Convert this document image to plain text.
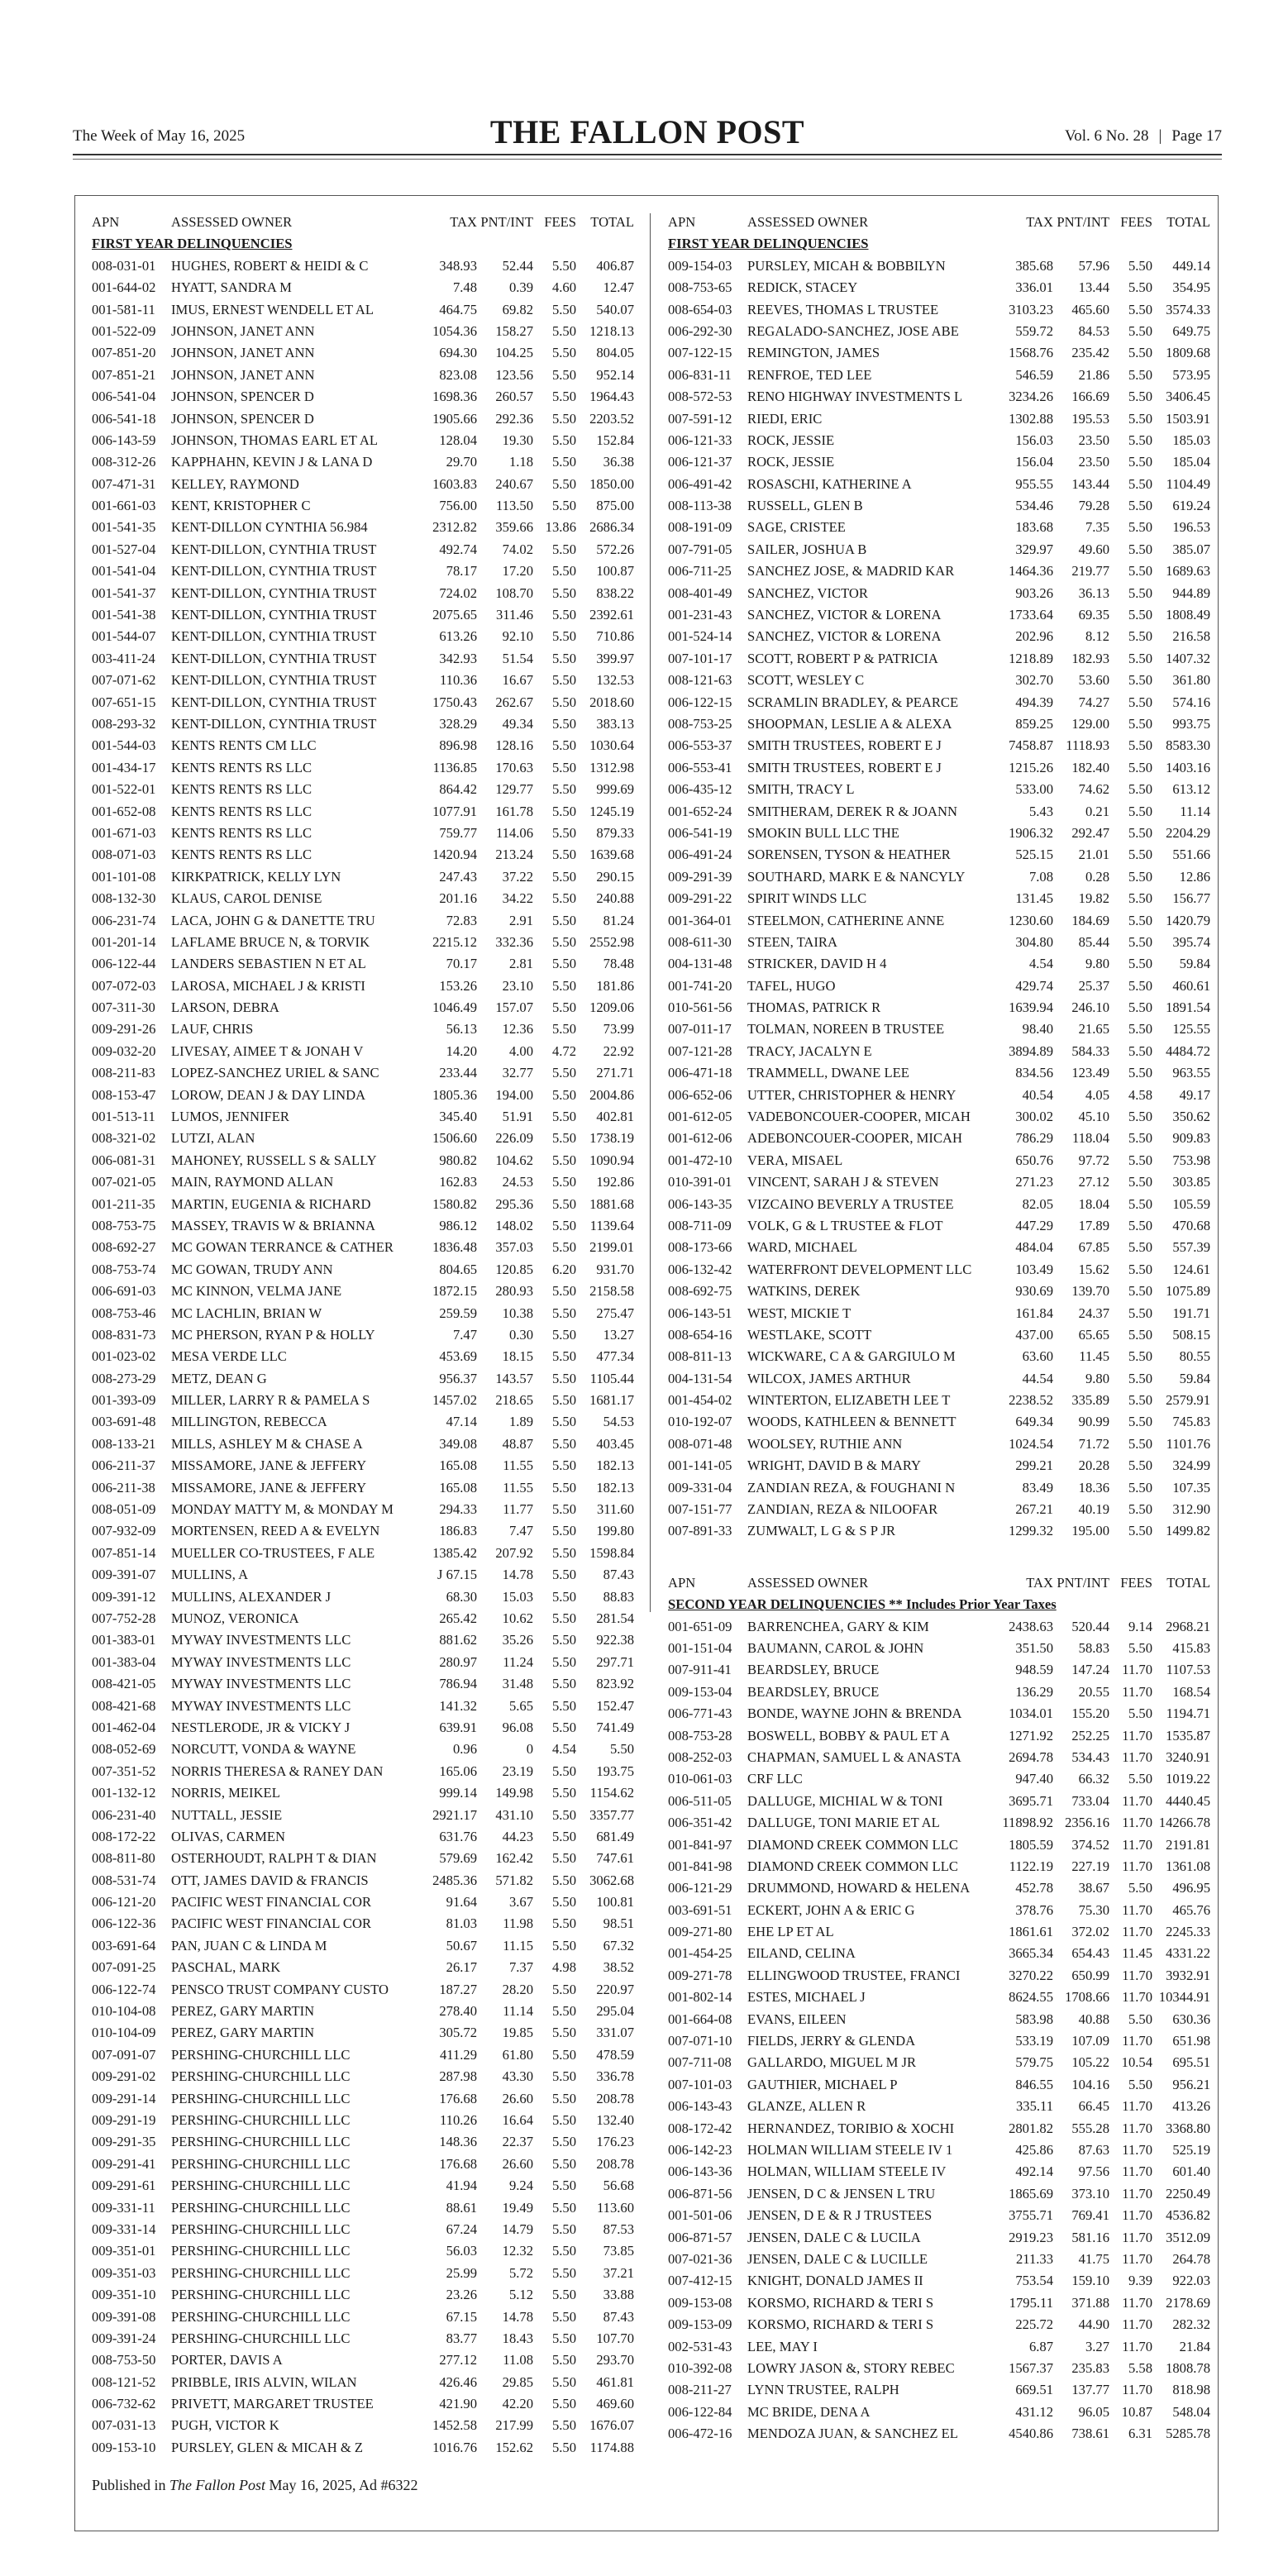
The Week of May 16, 2025	THE FALLON POST	Vol. 6 No. 28 | Page 17
APN	ASSESSED OWNER	TAX PNT/INT FEES	TOTAL
FIRST YEAR DELINQUENCIES
008-031-01	HUGHES, ROBERT & HEIDI & C	348.93	52.44	5.50	406.87
001-644-02	HYATT, SANDRA M	7.48	0.39	4.60	12.47
001-581-11	IMUS, ERNEST WENDELL ET AL	464.75	69.82	5.50	540.07
001-522-09	JOHNSON, JANET ANN	1054.36	158.27	5.50 1218.13
007-851-20	JOHNSON, JANET ANN	694.30	104.25	5.50	804.05
007-851-21	JOHNSON, JANET ANN	823.08	123.56	5.50	952.14
006-541-04	JOHNSON, SPENCER D	1698.36	260.57	5.50 1964.43
006-541-18	JOHNSON, SPENCER D	1905.66	292.36	5.50 2203.52
006-143-59	JOHNSON, THOMAS EARL ET AL	128.04	19.30	5.50	152.84
008-312-26	KAPPHAHN, KEVIN J & LANA D	29.70	1.18	5.50	36.38
007-471-31	KELLEY, RAYMOND	1603.83	240.67	5.50 1850.00
001-661-03	KENT, KRISTOPHER C	756.00	113.50	5.50	875.00
001-541-35	KENT-DILLON CYNTHIA 56.984	2312.82	359.66 13.86 2686.34
001-527-04	KENT-DILLON, CYNTHIA TRUST	492.74	74.02	5.50	572.26
001-541-04	KENT-DILLON, CYNTHIA TRUST	78.17	17.20	5.50	100.87
001-541-37	KENT-DILLON, CYNTHIA TRUST	724.02	108.70	5.50	838.22
001-541-38	KENT-DILLON, CYNTHIA TRUST	2075.65	311.46	5.50 2392.61
001-544-07	KENT-DILLON, CYNTHIA TRUST	613.26	92.10	5.50	710.86
003-411-24	KENT-DILLON, CYNTHIA TRUST	342.93	51.54	5.50	399.97
007-071-62	KENT-DILLON, CYNTHIA TRUST	110.36	16.67	5.50	132.53
007-651-15	KENT-DILLON, CYNTHIA TRUST	1750.43	262.67	5.50 2018.60
008-293-32	KENT-DILLON, CYNTHIA TRUST	328.29	49.34	5.50	383.13
001-544-03	KENTS RENTS CM LLC	896.98	128.16	5.50 1030.64
001-434-17	KENTS RENTS RS LLC	1136.85	170.63	5.50 1312.98
001-522-01	KENTS RENTS RS LLC	864.42	129.77	5.50	999.69
001-652-08	KENTS RENTS RS LLC	1077.91	161.78	5.50 1245.19
001-671-03	KENTS RENTS RS LLC	759.77	114.06	5.50	879.33
008-071-03	KENTS RENTS RS LLC	1420.94	213.24	5.50 1639.68
001-101-08	KIRKPATRICK, KELLY LYN	247.43	37.22	5.50	290.15
008-132-30	KLAUS, CAROL DENISE	201.16	34.22	5.50	240.88
006-231-74	LACA, JOHN G & DANETTE TRU	72.83	2.91	5.50	81.24
001-201-14	LAFLAME BRUCE N, & TORVIK	2215.12	332.36	5.50 2552.98
006-122-44	LANDERS SEBASTIEN N ET AL	70.17	2.81	5.50	78.48
007-072-03	LAROSA, MICHAEL J & KRISTI	153.26	23.10	5.50	181.86
007-311-30	LARSON, DEBRA	1046.49	157.07	5.50 1209.06
009-291-26	LAUF, CHRIS	56.13	12.36	5.50	73.99
009-032-20	LIVESAY, AIMEE T & JONAH V	14.20	4.00	4.72	22.92
008-211-83	LOPEZ-SANCHEZ URIEL & SANC	233.44	32.77	5.50	271.71
008-153-47	LOROW, DEAN J & DAY LINDA	1805.36	194.00	5.50 2004.86
001-513-11	LUMOS, JENNIFER	345.40	51.91	5.50	402.81
008-321-02	LUTZI, ALAN	1506.60	226.09	5.50 1738.19
006-081-31	MAHONEY, RUSSELL S & SALLY	980.82	104.62	5.50 1090.94
007-021-05	MAIN, RAYMOND ALLAN	162.83	24.53	5.50	192.86
001-211-35	MARTIN, EUGENIA & RICHARD	1580.82	295.36	5.50 1881.68
008-753-75	MASSEY, TRAVIS W & BRIANNA	986.12	148.02	5.50	1139.64
008-692-27	MC GOWAN TERRANCE & CATHER	1836.48	357.03	5.50 2199.01
008-753-74	MC GOWAN, TRUDY ANN	804.65	120.85	6.20	931.70
006-691-03	MC KINNON, VELMA JANE	1872.15	280.93	5.50 2158.58
008-753-46	MC LACHLIN, BRIAN W	259.59	10.38	5.50	275.47
008-831-73	MC PHERSON, RYAN P & HOLLY	7.47	0.30	5.50	13.27
001-023-02	MESA VERDE LLC	453.69	18.15	5.50	477.34
008-273-29	METZ, DEAN G	956.37	143.57	5.50	1105.44
001-393-09	MILLER, LARRY R & PAMELA S	1457.02	218.65	5.50 1681.17
003-691-48	MILLINGTON, REBECCA	47.14	1.89	5.50	54.53
008-133-21	MILLS, ASHLEY M & CHASE A	349.08	48.87	5.50	403.45
006-211-37	MISSAMORE, JANE & JEFFERY	165.08	11.55	5.50	182.13
006-211-38	MISSAMORE, JANE & JEFFERY	165.08	11.55	5.50	182.13
008-051-09	MONDAY MATTY M, & MONDAY M	294.33	11.77	5.50	311.60
007-932-09	MORTENSEN, REED A & EVELYN	186.83	7.47	5.50	199.80
007-851-14	MUELLER CO-TRUSTEES, F ALE	1385.42	207.92	5.50 1598.84
009-391-07	MULLINS, A	J 67.15	14.78	5.50	87.43
009-391-12	MULLINS, ALEXANDER J	68.30	15.03	5.50	88.83
007-752-28	MUNOZ, VERONICA	265.42	10.62	5.50	281.54
001-383-01	MYWAY INVESTMENTS LLC	881.62	35.26	5.50	922.38
001-383-04	MYWAY INVESTMENTS LLC	280.97	11.24	5.50	297.71
008-421-05	MYWAY INVESTMENTS LLC	786.94	31.48	5.50	823.92
008-421-68	MYWAY INVESTMENTS LLC	141.32	5.65	5.50	152.47
001-462-04	NESTLERODE, JR & VICKY J	639.91	96.08	5.50	741.49
008-052-69	NORCUTT, VONDA & WAYNE	0.96	0	4.54	5.50
007-351-52	NORRIS THERESA & RANEY DAN	165.06	23.19	5.50	193.75
001-132-12	NORRIS, MEIKEL	999.14	149.98	5.50	1154.62
006-231-40	NUTTALL, JESSIE	2921.17	431.10	5.50 3357.77
008-172-22	OLIVAS, CARMEN	631.76	44.23	5.50	681.49
008-811-80	OSTERHOUDT, RALPH T & DIAN	579.69	162.42	5.50	747.61
008-531-74	OTT, JAMES DAVID & FRANCIS	2485.36	571.82	5.50 3062.68
006-121-20	PACIFIC WEST FINANCIAL COR	91.64	3.67	5.50	100.81
006-122-36	PACIFIC WEST FINANCIAL COR	81.03	11.98	5.50	98.51
003-691-64	PAN, JUAN C & LINDA M	50.67	11.15	5.50	67.32
007-091-25	PASCHAL, MARK	26.17	7.37	4.98	38.52
006-122-74	PENSCO TRUST COMPANY CUSTO	187.27	28.20	5.50	220.97
010-104-08	PEREZ, GARY MARTIN	278.40	11.14	5.50	295.04
010-104-09	PEREZ, GARY MARTIN	305.72	19.85	5.50	331.07
007-091-07	PERSHING-CHURCHILL LLC	411.29	61.80	5.50	478.59
009-291-02	PERSHING-CHURCHILL LLC	287.98	43.30	5.50	336.78
009-291-14	PERSHING-CHURCHILL LLC	176.68	26.60	5.50	208.78
009-291-19	PERSHING-CHURCHILL LLC	110.26	16.64	5.50	132.40
009-291-35	PERSHING-CHURCHILL LLC	148.36	22.37	5.50	176.23
009-291-41	PERSHING-CHURCHILL LLC	176.68	26.60	5.50	208.78
009-291-61	PERSHING-CHURCHILL LLC	41.94	9.24	5.50	56.68
009-331-11	PERSHING-CHURCHILL LLC	88.61	19.49	5.50	113.60
009-331-14	PERSHING-CHURCHILL LLC	67.24	14.79	5.50	87.53
009-351-01	PERSHING-CHURCHILL LLC	56.03	12.32	5.50	73.85
009-351-03	PERSHING-CHURCHILL LLC	25.99	5.72	5.50	37.21
009-351-10	PERSHING-CHURCHILL LLC	23.26	5.12	5.50	33.88
009-391-08	PERSHING-CHURCHILL LLC	67.15	14.78	5.50	87.43
009-391-24	PERSHING-CHURCHILL LLC	83.77	18.43	5.50	107.70
008-753-50	PORTER, DAVIS A	277.12	11.08	5.50	293.70
008-121-52	PRIBBLE, IRIS ALVIN, WILAN	426.46	29.85	5.50	461.81
006-732-62	PRIVETT, MARGARET TRUSTEE	421.90	42.20	5.50	469.60
007-031-13	PUGH, VICTOR K	1452.58	217.99	5.50 1676.07
009-153-10	PURSLEY, GLEN & MICAH & Z	1016.76	152.62	5.50	1174.88
APN	ASSESSED OWNER	TAX PNT/INT FEES	TOTAL
FIRST YEAR DELINQUENCIES
009-154-03	PURSLEY, MICAH & BOBBILYN	385.68	57.96	5.50	449.14
008-753-65	REDICK, STACEY	336.01	13.44	5.50	354.95
008-654-03	REEVES, THOMAS L TRUSTEE	3103.23	465.60	5.50 3574.33
006-292-30	REGALADO-SANCHEZ, JOSE ABE	559.72	84.53	5.50	649.75
007-122-15	REMINGTON, JAMES	1568.76	235.42	5.50 1809.68
006-831-11	RENFROE, TED LEE	546.59	21.86	5.50	573.95
008-572-53	RENO HIGHWAY INVESTMENTS L	3234.26	166.69	5.50 3406.45
007-591-12	RIEDI, ERIC	1302.88	195.53	5.50 1503.91
006-121-33	ROCK, JESSIE	156.03	23.50	5.50	185.03
006-121-37	ROCK, JESSIE	156.04	23.50	5.50	185.04
006-491-42	ROSASCHI, KATHERINE A	955.55	143.44	5.50	1104.49
008-113-38	RUSSELL, GLEN B	534.46	79.28	5.50	619.24
008-191-09	SAGE, CRISTEE	183.68	7.35	5.50	196.53
007-791-05	SAILER, JOSHUA B	329.97	49.60	5.50	385.07
006-711-25	SANCHEZ JOSE, & MADRID KAR	1464.36	219.77	5.50 1689.63
008-401-49	SANCHEZ, VICTOR	903.26	36.13	5.50	944.89
001-231-43	SANCHEZ, VICTOR & LORENA	1733.64	69.35	5.50 1808.49
001-524-14	SANCHEZ, VICTOR & LORENA	202.96	8.12	5.50	216.58
007-101-17	SCOTT, ROBERT P & PATRICIA	1218.89	182.93	5.50 1407.32
008-121-63	SCOTT, WESLEY C	302.70	53.60	5.50	361.80
006-122-15	SCRAMLIN BRADLEY, & PEARCE	494.39	74.27	5.50	574.16
008-753-25	SHOOPMAN, LESLIE A & ALEXA	859.25	129.00	5.50	993.75
006-553-37	SMITH TRUSTEES, ROBERT E J	7458.87 1118.93	5.50 8583.30
006-553-41	SMITH TRUSTEES, ROBERT E J	1215.26	182.40	5.50 1403.16
006-435-12	SMITH, TRACY L	533.00	74.62	5.50	613.12
001-652-24	SMITHERAM, DEREK R & JOANN	5.43	0.21	5.50	11.14
006-541-19	SMOKIN BULL LLC THE	1906.32	292.47	5.50 2204.29
006-491-24	SORENSEN, TYSON & HEATHER	525.15	21.01	5.50	551.66
009-291-39	SOUTHARD, MARK E & NANCYLY	7.08	0.28	5.50	12.86
009-291-22	SPIRIT WINDS LLC	131.45	19.82	5.50	156.77
001-364-01	STEELMON, CATHERINE ANNE	1230.60	184.69	5.50 1420.79
008-611-30	STEEN, TAIRA	304.80	85.44	5.50	395.74
004-131-48	STRICKER, DAVID H 4	4.54	9.80	5.50	59.84
001-741-20	TAFEL, HUGO	429.74	25.37	5.50	460.61
010-561-56	THOMAS, PATRICK R	1639.94	246.10	5.50 1891.54
007-011-17	TOLMAN, NOREEN B TRUSTEE	98.40	21.65	5.50	125.55
007-121-28	TRACY, JACALYN E	3894.89	584.33	5.50 4484.72
006-471-18	TRAMMELL, DWANE LEE	834.56	123.49	5.50	963.55
006-652-06	UTTER, CHRISTOPHER & HENRY	40.54	4.05	4.58	49.17
001-612-05	VADEBONCOUER-COOPER, MICAH	300.02	45.10	5.50	350.62
001-612-06	ADEBONCOUER-COOPER, MICAH	786.29	118.04	5.50	909.83
001-472-10	VERA, MISAEL	650.76	97.72	5.50	753.98
010-391-01	VINCENT, SARAH J & STEVEN	271.23	27.12	5.50	303.85
006-143-35	VIZCAINO BEVERLY A TRUSTEE	82.05	18.04	5.50	105.59
008-711-09	VOLK, G & L TRUSTEE & FLOT	447.29	17.89	5.50	470.68
008-173-66	WARD, MICHAEL	484.04	67.85	5.50	557.39
006-132-42	WATERFRONT DEVELOPMENT LLC	103.49	15.62	5.50	124.61
008-692-75	WATKINS, DEREK	930.69	139.70	5.50 1075.89
006-143-51	WEST, MICKIE T	161.84	24.37	5.50	191.71
008-654-16	WESTLAKE, SCOTT	437.00	65.65	5.50	508.15
008-811-13	WICKWARE, C A & GARGIULO M	63.60	11.45	5.50	80.55
004-131-54	WILCOX, JAMES ARTHUR	44.54	9.80	5.50	59.84
001-454-02	WINTERTON, ELIZABETH LEE T	2238.52	335.89	5.50 2579.91
010-192-07	WOODS, KATHLEEN & BENNETT	649.34	90.99	5.50	745.83
008-071-48	WOOLSEY, RUTHIE ANN	1024.54	71.72	5.50	1101.76
001-141-05	WRIGHT, DAVID B & MARY	299.21	20.28	5.50	324.99
009-331-04	ZANDIAN REZA, & FOUGHANI N	83.49	18.36	5.50	107.35
007-151-77	ZANDIAN, REZA & NILOOFAR	267.21	40.19	5.50	312.90
007-891-33	ZUMWALT, L G & S P JR	1299.32	195.00	5.50 1499.82
APN	ASSESSED OWNER	TAX PNT/INT FEES	TOTAL
SECOND YEAR DELINQUENCIES ** Includes Prior Year Taxes
001-651-09	BARRENCHEA, GARY & KIM	2438.63	520.44	9.14 2968.21
001-151-04	BAUMANN, CAROL & JOHN	351.50	58.83	5.50	415.83
007-911-41	BEARDSLEY, BRUCE	948.59	147.24 11.70	1107.53
009-153-04	BEARDSLEY, BRUCE	136.29	20.55 11.70	168.54
006-771-43	BONDE, WAYNE JOHN & BRENDA	1034.01	155.20	5.50	1194.71
008-753-28	BOSWELL, BOBBY & PAUL ET A	1271.92	252.25 11.70 1535.87
008-252-03	CHAPMAN, SAMUEL L & ANASTA	2694.78	534.43 11.70 3240.91
010-061-03	CRF LLC	947.40	66.32	5.50 1019.22
006-511-05	DALLUGE, MICHIAL W & TONI	3695.71	733.04 11.70 4440.45
006-351-42	DALLUGE, TONI MARIE ET AL	11898.92 2356.16 11.70 14266.78
001-841-97	DIAMOND CREEK COMMON LLC	1805.59	374.52 11.70 2191.81
001-841-98	DIAMOND CREEK COMMON LLC	1122.19	227.19 11.70 1361.08
006-121-29	DRUMMOND, HOWARD & HELENA	452.78	38.67	5.50	496.95
003-691-51	ECKERT, JOHN A & ERIC G	378.76	75.30 11.70	465.76
009-271-80	EHE LP ET AL	1861.61	372.02 11.70 2245.33
001-454-25	EILAND, CELINA	3665.34	654.43 11.45 4331.22
009-271-78	ELLINGWOOD TRUSTEE, FRANCI	3270.22	650.99 11.70 3932.91
001-802-14	ESTES, MICHAEL J	8624.55 1708.66 11.70 10344.91
001-664-08	EVANS, EILEEN	583.98	40.88	5.50	630.36
007-071-10	FIELDS, JERRY & GLENDA	533.19	107.09 11.70	651.98
007-711-08	GALLARDO, MIGUEL M JR	579.75	105.22 10.54	695.51
007-101-03	GAUTHIER, MICHAEL P	846.55	104.16	5.50	956.21
006-143-43	GLANZE, ALLEN R	335.11	66.45 11.70	413.26
008-172-42	HERNANDEZ, TORIBIO & XOCHI	2801.82	555.28 11.70 3368.80
006-142-23	HOLMAN WILLIAM STEELE IV 1	425.86	87.63 11.70	525.19
006-143-36	HOLMAN, WILLIAM STEELE IV	492.14	97.56 11.70	601.40
006-871-56	JENSEN, D C & JENSEN L TRU	1865.69	373.10 11.70 2250.49
001-501-06	JENSEN, D E & R J TRUSTEES	3755.71	769.41 11.70 4536.82
006-871-57	JENSEN, DALE C & LUCILA	2919.23	581.16 11.70 3512.09
007-021-36	JENSEN, DALE C & LUCILLE	211.33	41.75 11.70	264.78
007-412-15	KNIGHT, DONALD JAMES II	753.54	159.10	9.39	922.03
009-153-08	KORSMO, RICHARD & TERI S	1795.11	371.88 11.70 2178.69
009-153-09	KORSMO, RICHARD & TERI S	225.72	44.90 11.70	282.32
002-531-43	LEE, MAY I	6.87	3.27 11.70	21.84
010-392-08	LOWRY JASON &, STORY REBEC	1567.37	235.83	5.58 1808.78
008-211-27	LYNN TRUSTEE, RALPH	669.51	137.77 11.70	818.98
006-122-84	MC BRIDE, DENA A	431.12	96.05 10.87	548.04
006-472-16	MENDOZA JUAN, & SANCHEZ EL	4540.86	738.61	6.31 5285.78
Published in The Fallon Post May 16, 2025, Ad #6322
